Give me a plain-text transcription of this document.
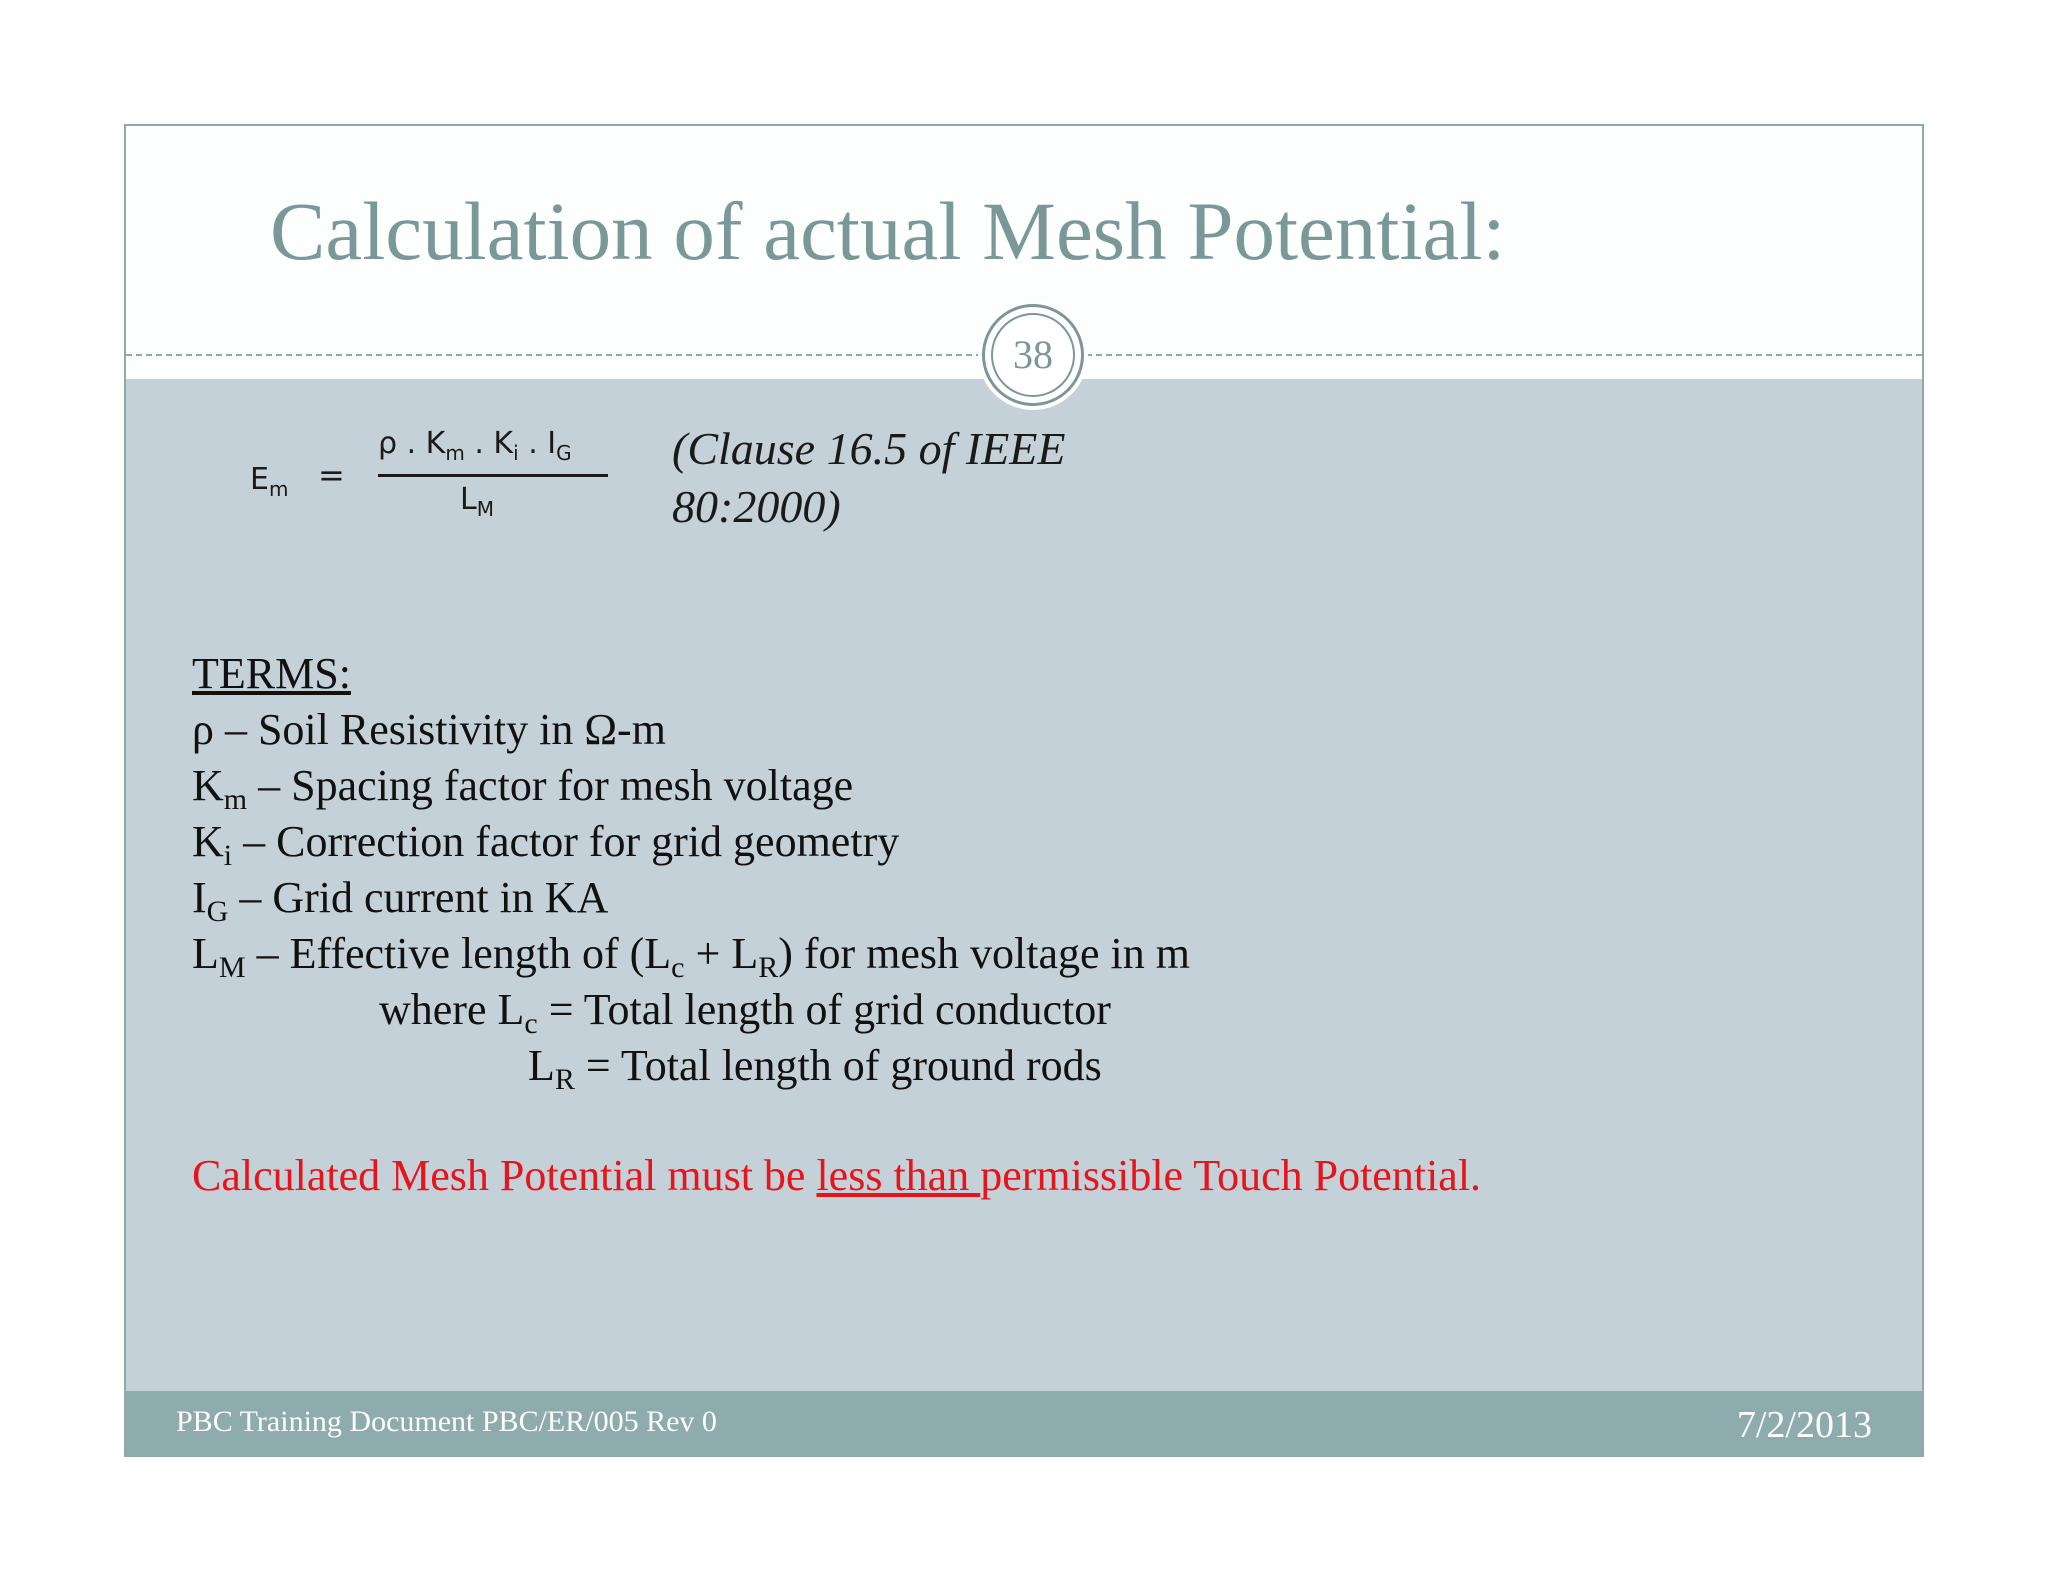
Calculation of actual Mesh Potential:
38
$E_m$ =
ρ . $K_m$ . $K_i$ . $I_G$
$L_M$

(Clause 16.5 of IEEE
80:2000)

TERMS:

ρ – Soil Resistivity in Ω-m

$K_m$ – Spacing factor for mesh voltage

$K_i$ – Correction factor for grid geometry

$I_G$ – Grid current in KA

$L_M$ – Effective length of $(L_c + L_R)$ for mesh voltage in m

where $L_c$ = Total length of grid conductor

$L_R$ = Total length of ground rods

Calculated Mesh Potential must be less than permissible Touch Potential.

PBC Training Document PBC/ER/005 Rev 0	7/2/2013
